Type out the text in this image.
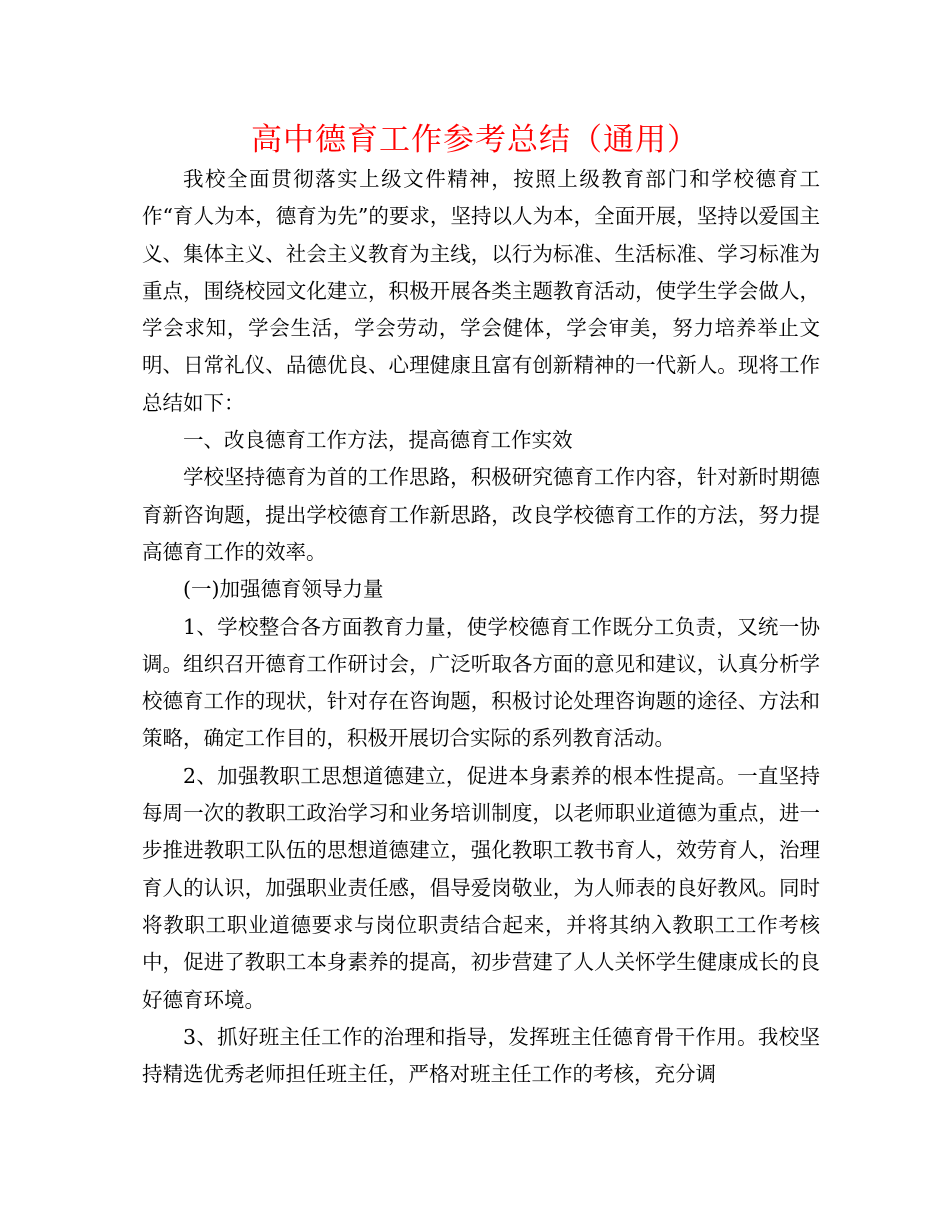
高中德育工作参考总结（通用）

我校全面贯彻落实上级文件精神，按照上级教育部门和学校德育工作“育人为本，德育为先”的要求，坚持以人为本，全面开展，坚持以爱国主义、集体主义、社会主义教育为主线，以行为标准、生活标准、学习标准为重点，围绕校园文化建立，积极开展各类主题教育活动，使学生学会做人，学会求知，学会生活，学会劳动，学会健体，学会审美，努力培养举止文明、日常礼仪、品德优良、心理健康且富有创新精神的一代新人。现将工作总结如下：

一、改良德育工作方法，提高德育工作实效

学校坚持德育为首的工作思路，积极研究德育工作内容，针对新时期德育新咨询题，提出学校德育工作新思路，改良学校德育工作的方法，努力提高德育工作的效率。

(一)加强德育领导力量

1、学校整合各方面教育力量，使学校德育工作既分工负责，又统一协调。组织召开德育工作研讨会，广泛听取各方面的意见和建议，认真分析学校德育工作的现状，针对存在咨询题，积极讨论处理咨询题的途径、方法和策略，确定工作目的，积极开展切合实际的系列教育活动。

2、加强教职工思想道德建立，促进本身素养的根本性提高。一直坚持每周一次的教职工政治学习和业务培训制度，以老师职业道德为重点，进一步推进教职工队伍的思想道德建立，强化教职工教书育人，效劳育人，治理育人的认识，加强职业责任感，倡导爱岗敬业，为人师表的良好教风。同时将教职工职业道德要求与岗位职责结合起来，并将其纳入教职工工作考核中，促进了教职工本身素养的提高，初步营建了人人关怀学生健康成长的良好德育环境。

3、抓好班主任工作的治理和指导，发挥班主任德育骨干作用。我校坚持精选优秀老师担任班主任，严格对班主任工作的考核，充分调
